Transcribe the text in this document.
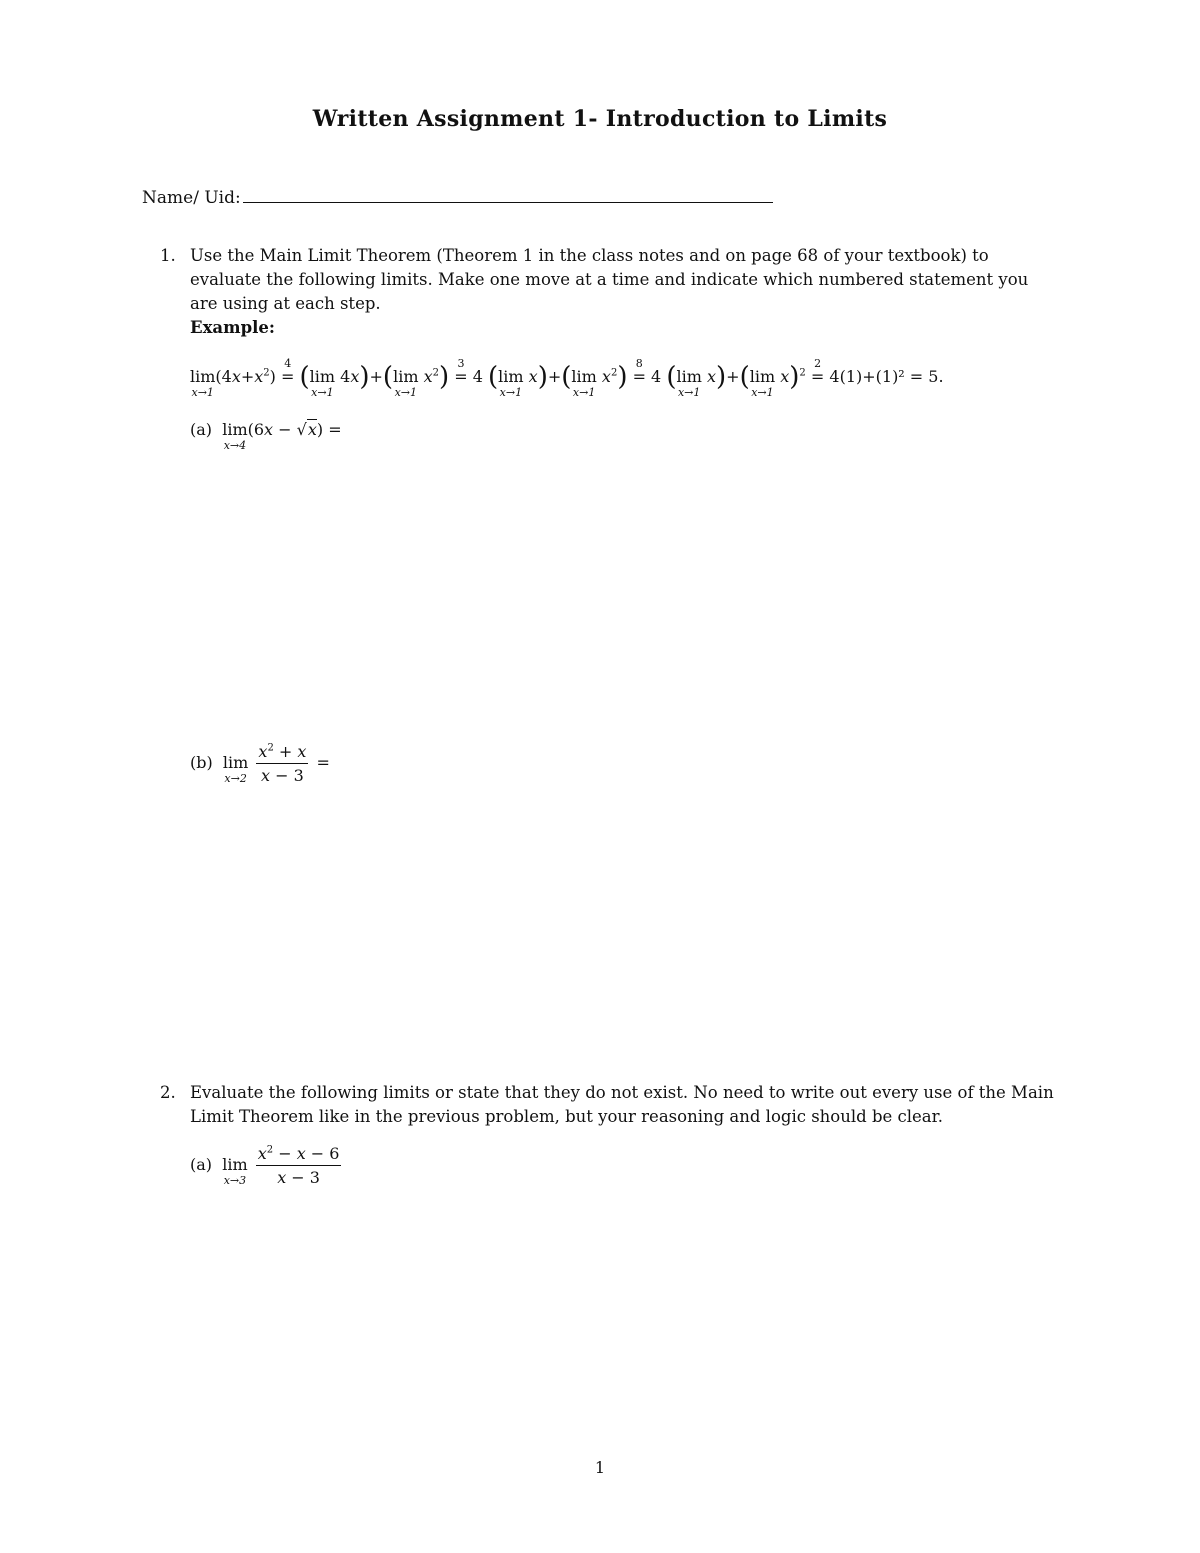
Written Assignment 1- Introduction to Limits
Name/ Uid:
1. Use the Main Limit Theorem (Theorem 1 in the class notes and on page 68 of your textbook) to evaluate the following limits. Make one move at a time and indicate which numbered statement you are using at each step.
Example:
lim
x→1
$(4x+x^2)$ =
4 (lim
x→1
4x)+(lim
x→1
$x^2$) =
3
4 (lim
x→1
x)+(lim
x→1
$x^2$) =
8
4 (lim
x→1
x)+(lim
x→1
x)$^2$ =
2
4(1)+(1)² = 5.
(a) lim
x→4
(6x − √x) =
(b) lim
x→2
$\frac{x^2 + x}{x - 3}$ =
2. Evaluate the following limits or state that they do not exist. No need to write out every use of the Main Limit Theorem like in the previous problem, but your reasoning and logic should be clear.
(a) lim
x→3
$\frac{x^2 - x - 6}{x - 3}$
1
